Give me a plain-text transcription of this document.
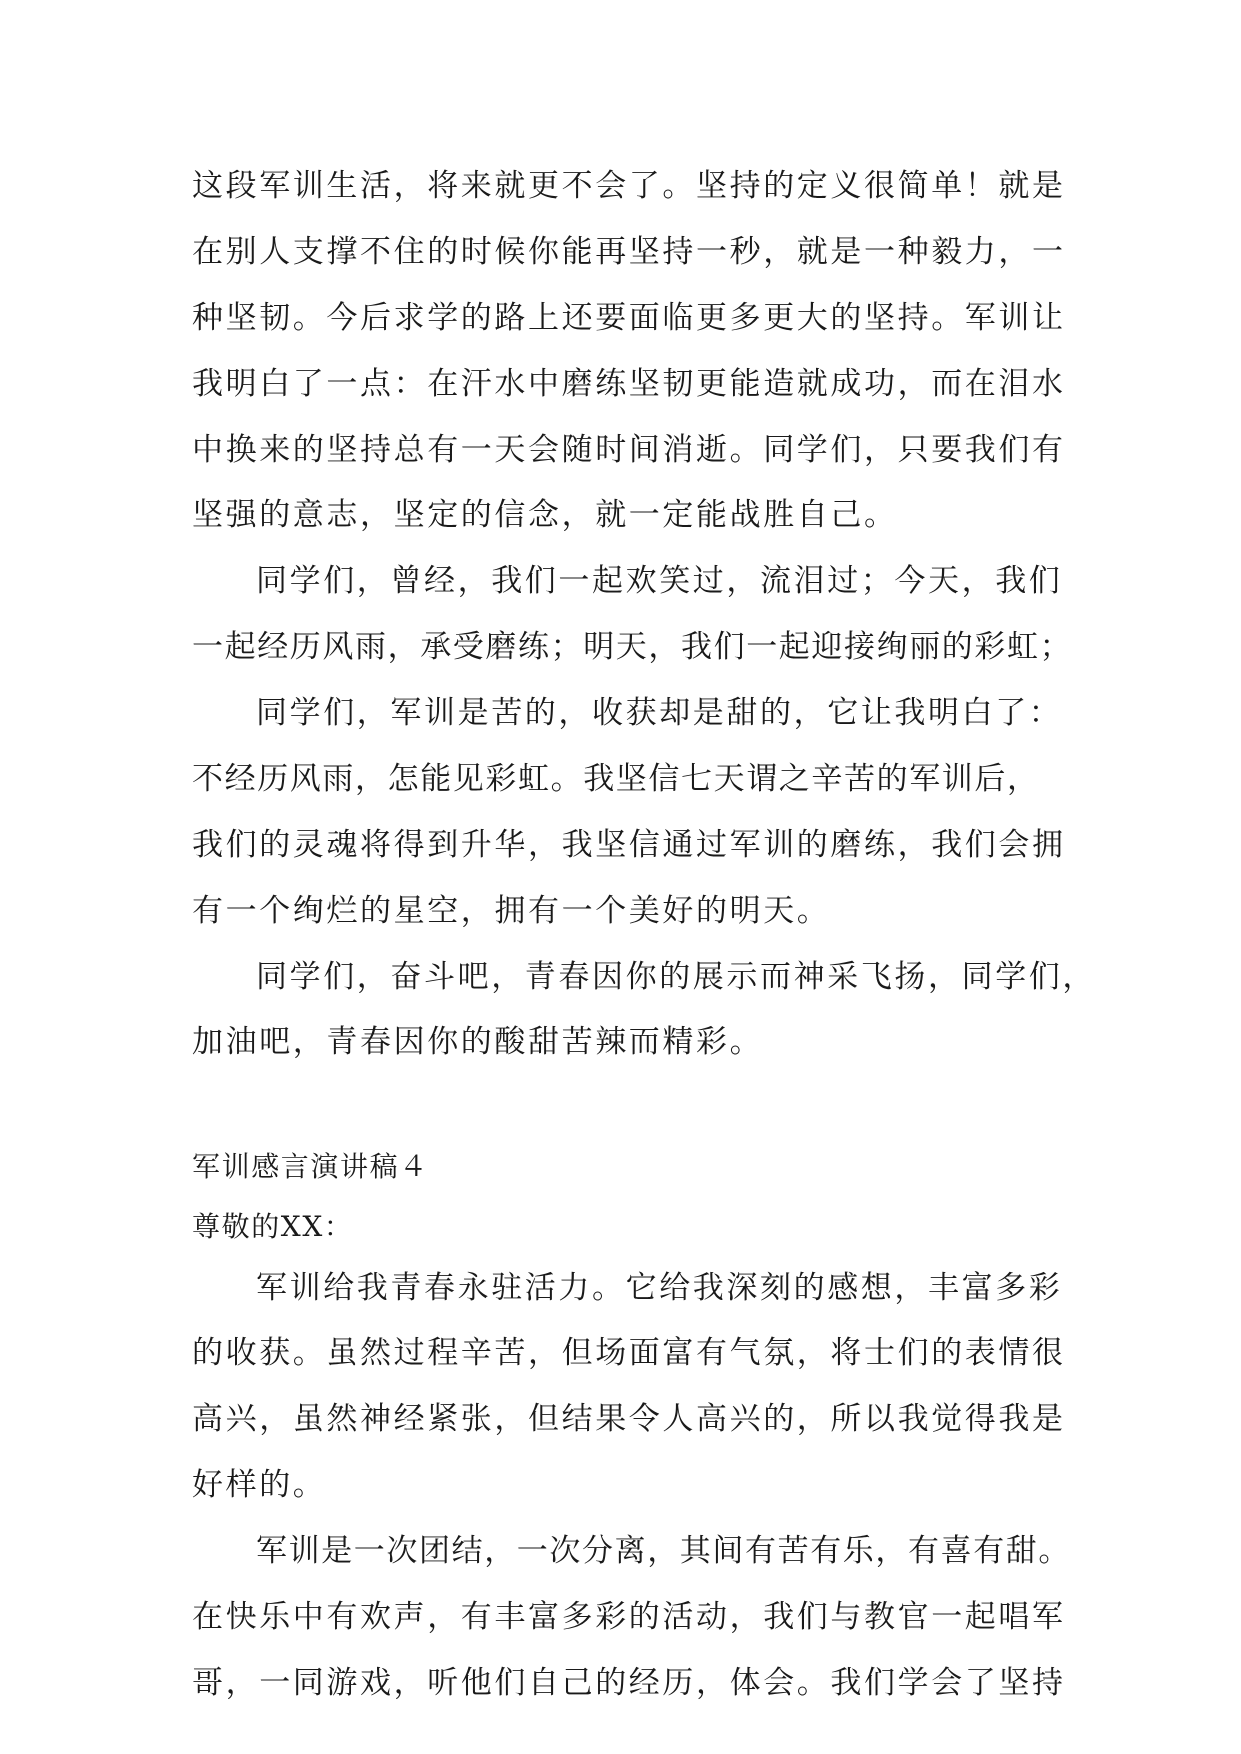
这段军训生活，将来就更不会了。坚持的定义很简单！就是
在别人支撑不住的时候你能再坚持一秒，就是一种毅力，一
种坚韧。今后求学的路上还要面临更多更大的坚持。军训让
我明白了一点：在汗水中磨练坚韧更能造就成功，而在泪水
中换来的坚持总有一天会随时间消逝。同学们，只要我们有
坚强的意志，坚定的信念，就一定能战胜自己。
同学们，曾经，我们一起欢笑过，流泪过；今天，我们
一起经历风雨，承受磨练；明天，我们一起迎接绚丽的彩虹；
同学们，军训是苦的，收获却是甜的，它让我明白了：
不经历风雨，怎能见彩虹。我坚信七天谓之辛苦的军训后，
我们的灵魂将得到升华，我坚信通过军训的磨练，我们会拥
有一个绚烂的星空，拥有一个美好的明天。
同学们，奋斗吧，青春因你的展示而神采飞扬，同学们，
加油吧，青春因你的酸甜苦辣而精彩。
军训感言演讲稿４
尊敬的XX：
军训给我青春永驻活力。它给我深刻的感想，丰富多彩
的收获。虽然过程辛苦，但场面富有气氛，将士们的表情很
高兴，虽然神经紧张，但结果令人高兴的，所以我觉得我是
好样的。
军训是一次团结，一次分离，其间有苦有乐，有喜有甜。
在快乐中有欢声，有丰富多彩的活动，我们与教官一起唱军
哥，一同游戏，听他们自己的经历，体会。我们学会了坚持
